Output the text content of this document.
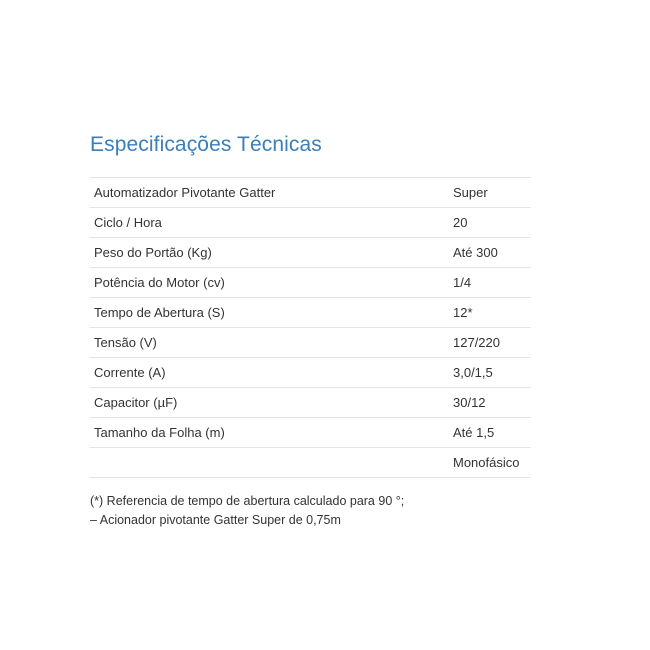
Especificações Técnicas
Automatizador Pivotante Gatter	Super
Ciclo / Hora	20
Peso do Portão (Kg)	Até 300
Potência do Motor (cv)	1/4
Tempo de Abertura (S)	12*
Tensão (V)	127/220
Corrente (A)	3,0/1,5
Capacitor (µF)	30/12
Tamanho da Folha (m)	Até 1,5
	Monofásico
(*) Referencia de tempo de abertura calculado para 90 °;
– Acionador pivotante Gatter Super de 0,75m
